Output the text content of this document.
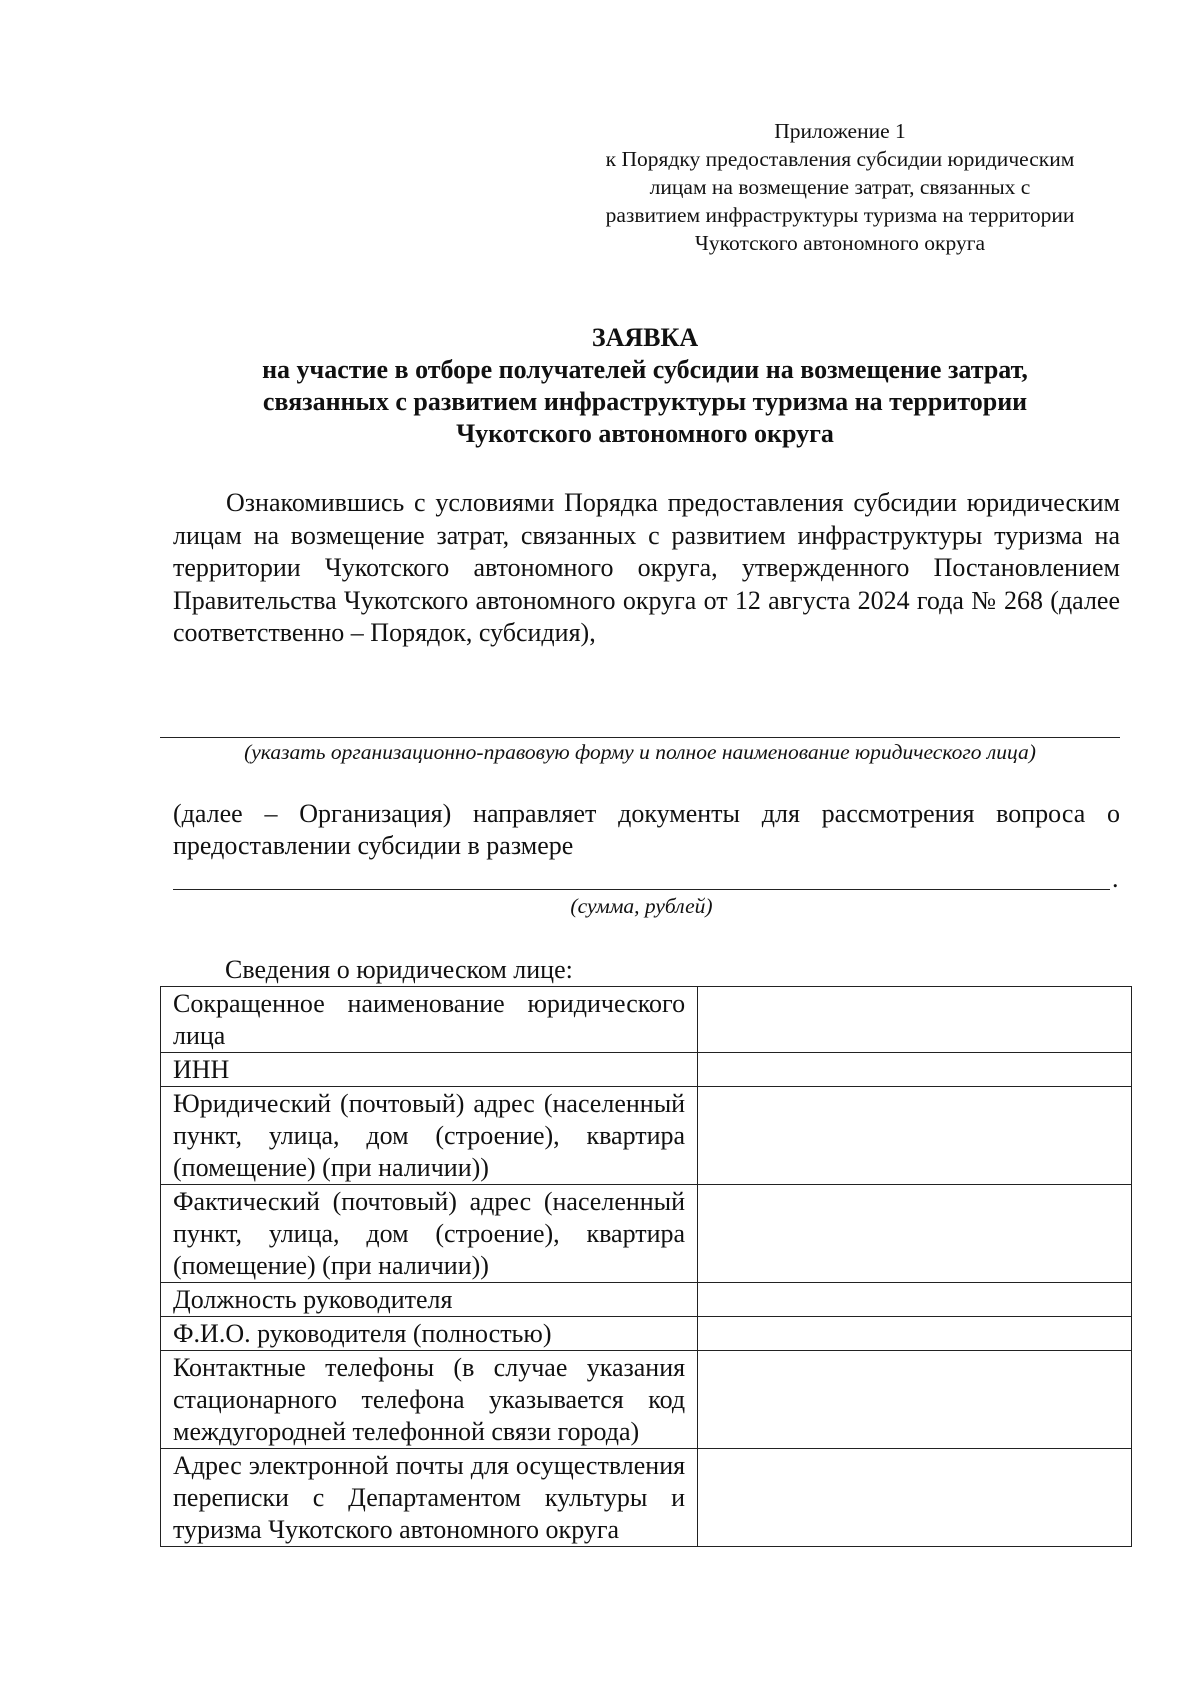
Приложение 1
к Порядку предоставления субсидии юридическим
лицам на возмещение затрат, связанных с
развитием инфраструктуры туризма на территории
Чукотского автономного округа
ЗАЯВКА
на участие в отборе получателей субсидии на возмещение затрат,
связанных с развитием инфраструктуры туризма на территории
Чукотского автономного округа
Ознакомившись с условиями Порядка предоставления субсидии юридическим лицам на возмещение затрат, связанных с развитием инфраструктуры туризма на территории Чукотского автономного округа, утвержденного Постановлением Правительства Чукотского автономного округа от 12 августа 2024 года № 268 (далее соответственно – Порядок, субсидия),
(указать организационно-правовую форму и полное наименование юридического лица)
(далее – Организация) направляет документы для рассмотрения вопроса о предоставлении субсидии в размере
.
(сумма, рублей)
Сведения о юридическом лице:
Сокращенное наименование юридического лица	
ИНН	
Юридический (почтовый) адрес (населенный пункт, улица, дом (строение), квартира (помещение) (при наличии))	
Фактический (почтовый) адрес (населенный пункт, улица, дом (строение), квартира (помещение) (при наличии))	
Должность руководителя	
Ф.И.О. руководителя (полностью)	
Контактные телефоны (в случае указания стационарного телефона указывается код междугородней телефонной связи города)	
Адрес электронной почты для осуществления переписки с Департаментом культуры и туризма Чукотского автономного округа	
